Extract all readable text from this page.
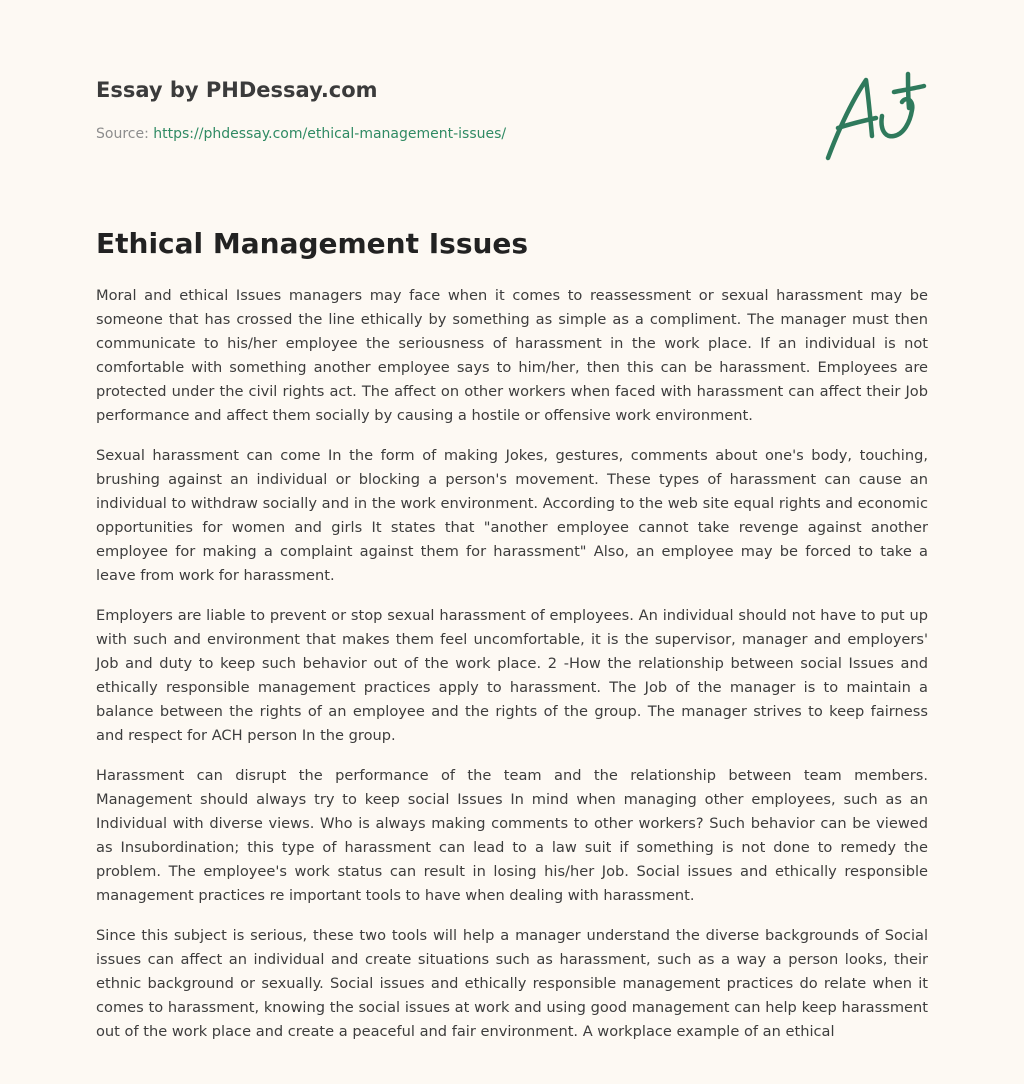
Essay by PHDessay.com
Source: https://phdessay.com/ethical-management-issues/
Ethical Management Issues

Moral and ethical Issues managers may face when it comes to reassessment or sexual harassment may be someone that has crossed the line ethically by something as simple as a compliment. The manager must then communicate to his/her employee the seriousness of harassment in the work place. If an individual is not comfortable with something another employee says to him/her, then this can be harassment. Employees are protected under the civil rights act. The affect on other workers when faced with harassment can affect their Job performance and affect them socially by causing a hostile or offensive work environment.

Sexual harassment can come In the form of making Jokes, gestures, comments about one's body, touching, brushing against an individual or blocking a person's movement. These types of harassment can cause an individual to withdraw socially and in the work environment. According to the web site equal rights and economic opportunities for women and girls It states that "another employee cannot take revenge against another employee for making a complaint against them for harassment" Also, an employee may be forced to take a leave from work for harassment.

Employers are liable to prevent or stop sexual harassment of employees. An individual should not have to put up with such and environment that makes them feel uncomfortable, it is the supervisor, manager and employers' Job and duty to keep such behavior out of the work place. 2 -How the relationship between social Issues and ethically responsible management practices apply to harassment. The Job of the manager is to maintain a balance between the rights of an employee and the rights of the group. The manager strives to keep fairness and respect for ACH person In the group.

Harassment can disrupt the performance of the team and the relationship between team members. Management should always try to keep social Issues In mind when managing other employees, such as an Individual with diverse views. Who is always making comments to other workers? Such behavior can be viewed as Insubordination; this type of harassment can lead to a law suit if something is not done to remedy the problem. The employee's work status can result in losing his/her Job. Social issues and ethically responsible management practices re important tools to have when dealing with harassment.

Since this subject is serious, these two tools will help a manager understand the diverse backgrounds of Social issues can affect an individual and create situations such as harassment, such as a way a person looks, their ethnic background or sexually. Social issues and ethically responsible management practices do relate when it comes to harassment, knowing the social issues at work and using good management can help keep harassment out of the work place and create a peaceful and fair environment. A workplace example of an ethical
